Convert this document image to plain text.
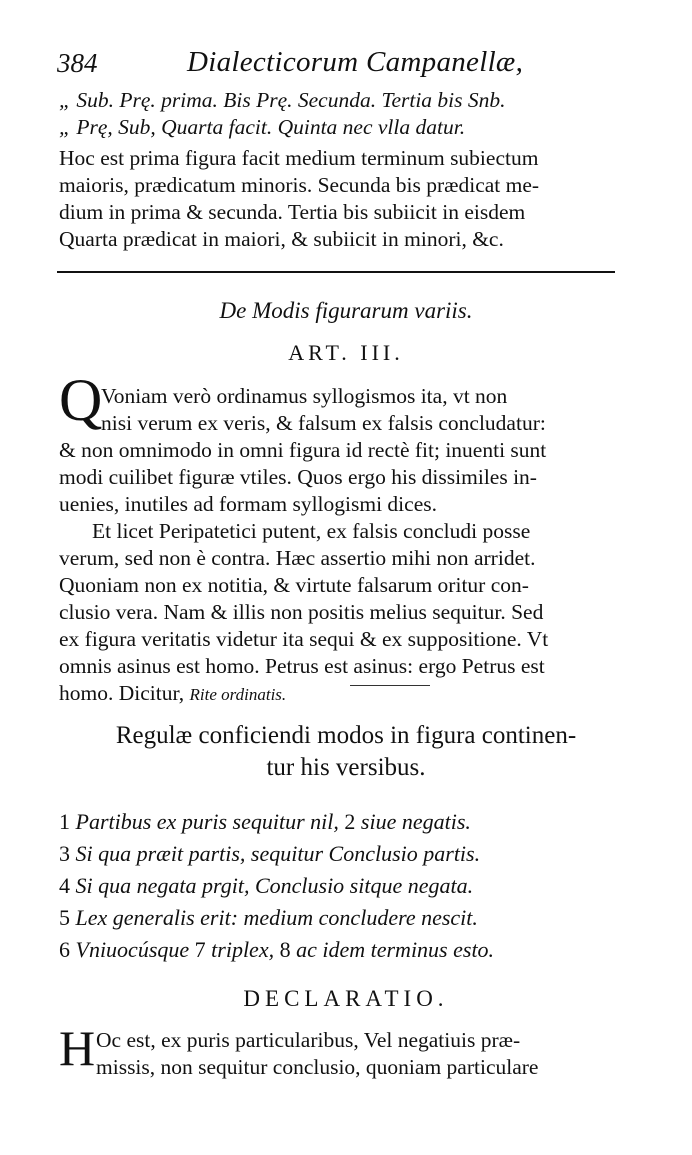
384	Dialecticorum Campanellæ,
„ Sub. Prę. prima. Bis Prę. Secunda. Tertia bis Snb.
„ Prę, Sub, Quarta facit. Quinta nec vlla datur.
Hoc est prima figura facit medium terminum subiectum
maioris, prædicatum minoris. Secunda bis prædicat me-
dium in prima & secunda. Tertia bis subiicit in eisdem
Quarta prædicat in maiori, & subiicit in minori, &c.
De Modis figurarum variis.
ART. III.
Q
Voniam verò ordinamus syllogismos ita, vt non
nisi verum ex veris, & falsum ex falsis concludatur:
& non omnimodo in omni figura id rectè fit; inuenti sunt
modi cuilibet figuræ vtiles. Quos ergo his dissimiles in-
uenies, inutiles ad formam syllogismi dices.
Et licet Peripatetici putent, ex falsis concludi posse
verum, sed non è contra. Hæc assertio mihi non arridet.
Quoniam non ex notitia, & virtute falsarum oritur con-
clusio vera. Nam & illis non positis melius sequitur. Sed
ex figura veritatis videtur ita sequi & ex suppositione. Vt
omnis asinus est homo. Petrus est asinus: ergo Petrus est
homo. Dicitur, Rite ordinatis.
Regulæ conficiendi modos in figura continen-
tur his versibus.
1 Partibus ex puris sequitur nil, 2 siue negatis.
3 Si qua præit partis, sequitur Conclusio partis.
4 Si qua negata prgit, Conclusio sitque negata.
5 Lex generalis erit: medium concludere nescit.
6 Vniuocúsque 7 triplex, 8 ac idem terminus esto.
DECLARATIO.
H Oc est, ex puris particularibus, Vel negatiuis præ-
missis, non sequitur conclusio, quoniam particulare
